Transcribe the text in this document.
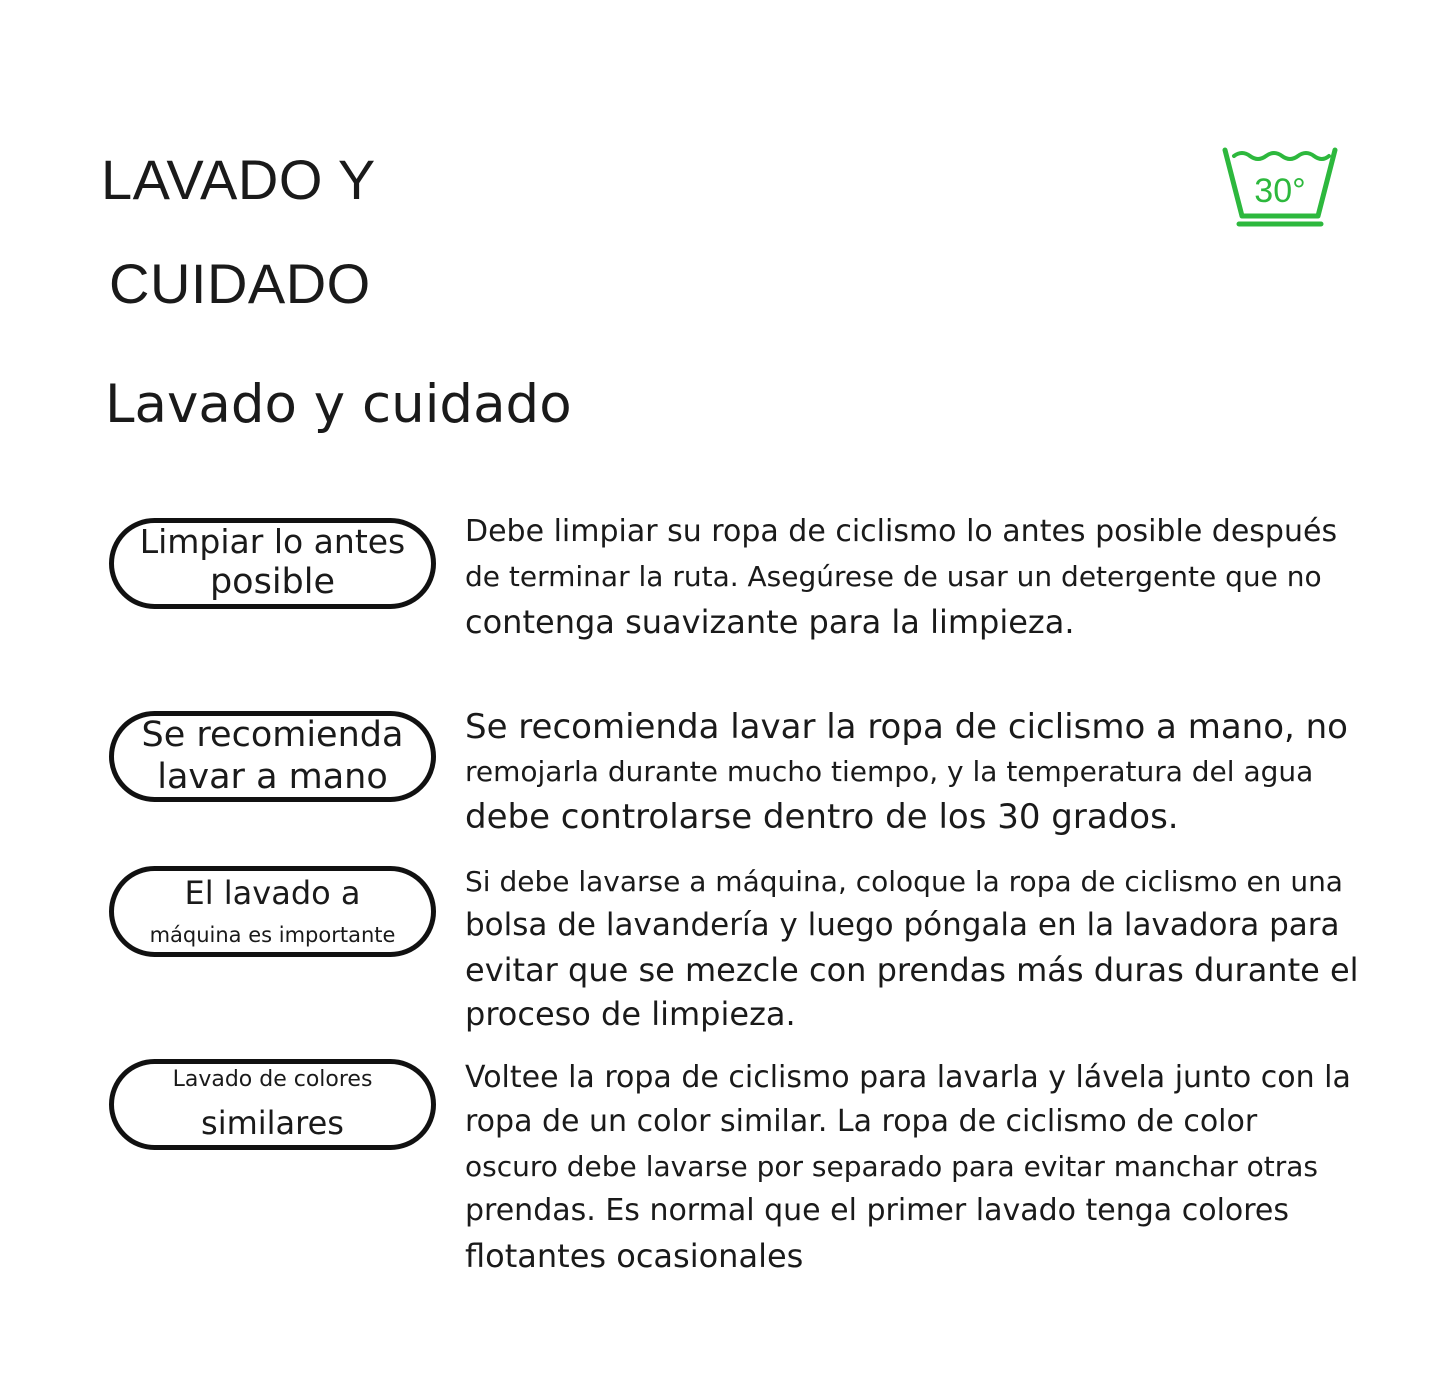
LAVADO Y
CUIDADO
Lavado y cuidado
30°
Limpiar lo antes
posible
Debe limpiar su ropa de ciclismo lo antes posible después
de terminar la ruta. Asegúrese de usar un detergente que no
contenga suavizante para la limpieza.
Se recomienda
lavar a mano
Se recomienda lavar la ropa de ciclismo a mano, no
remojarla durante mucho tiempo, y la temperatura del agua
debe controlarse dentro de los 30 grados.
El lavado a
máquina es importante
Si debe lavarse a máquina, coloque la ropa de ciclismo en una
bolsa de lavandería y luego póngala en la lavadora para
evitar que se mezcle con prendas más duras durante el
proceso de limpieza.
Lavado de colores
similares
Voltee la ropa de ciclismo para lavarla y lávela junto con la
ropa de un color similar. La ropa de ciclismo de color
oscuro debe lavarse por separado para evitar manchar otras
prendas. Es normal que el primer lavado tenga colores
flotantes ocasionales
